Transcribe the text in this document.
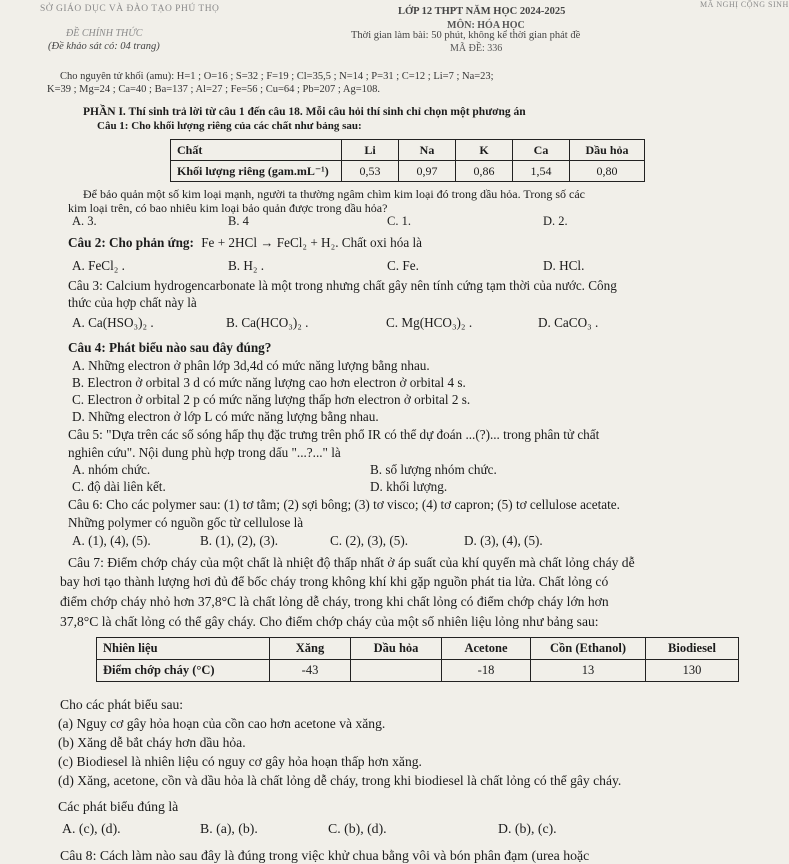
SỞ GIÁO DỤC VÀ ĐÀO TẠO PHÚ THỌ	MÃ NGHỊ CỘNG SINH
LỚP 12 THPT NĂM HỌC 2024-2025
MÔN: HÓA HỌC
ĐỀ CHÍNH THỨC
(Đề khảo sát có: 04 trang)
Thời gian làm bài: 50 phút, không kể thời gian phát đề
MÃ ĐỀ: 336
Cho nguyên tử khối (amu): H=1 ; O=16 ; S=32 ; F=19 ; Cl=35,5 ; N=14 ; P=31 ; C=12 ; Li=7 ; Na=23;
K=39 ; Mg=24 ; Ca=40 ; Ba=137 ; Al=27 ; Fe=56 ; Cu=64 ; Pb=207 ; Ag=108.
PHẦN I. Thí sinh trả lời từ câu 1 đến câu 18. Mỗi câu hỏi thí sinh chỉ chọn một phương án
Câu 1: Cho khối lượng riêng của các chất như bảng sau:
Chất	Li	Na	K	Ca	Dầu hỏa
Khối lượng riêng (gam.mL⁻¹)	0,53	0,97	0,86	1,54	0,80
Để bảo quản một số kim loại mạnh, người ta thường ngâm chìm kim loại đó trong dầu hỏa. Trong số các
kim loại trên, có bao nhiêu kim loại bảo quản được trong dầu hỏa?
A. 3.	B. 4	C. 1.	D. 2.
Câu 2: Cho phản ứng: Fe + 2HCl → FeCl₂ + H₂. Chất oxi hóa là
A. FeCl₂ .	B. H₂ .	C. Fe.	D. HCl.
Câu 3: Calcium hydrogencarbonate là một trong nhưng chất gây nên tính cứng tạm thời của nước. Công
thức của hợp chất này là
A. Ca(HSO₃)₂ .	B. Ca(HCO₃)₂ .	C. Mg(HCO₃)₂ .	D. CaCO₃ .
Câu 4: Phát biểu nào sau đây đúng?
A. Những electron ở phân lớp 3d,4d có mức năng lượng bằng nhau.
B. Electron ở orbital 3 d có mức năng lượng cao hơn electron ở orbital 4 s.
C. Electron ở orbital 2 p có mức năng lượng thấp hơn electron ở orbital 2 s.
D. Những electron ở lớp L có mức năng lượng bằng nhau.
Câu 5: "Dựa trên các số sóng hấp thụ đặc trưng trên phổ IR có thể dự đoán ...(?)... trong phân tử chất
nghiên cứu". Nội dung phù hợp trong dấu "...?..." là
A. nhóm chức.	B. số lượng nhóm chức.
C. độ dài liên kết.	D. khối lượng.
Câu 6: Cho các polymer sau: (1) tơ tằm; (2) sợi bông; (3) tơ visco; (4) tơ capron; (5) tơ cellulose acetate.
Những polymer có nguồn gốc từ cellulose là
A. (1), (4), (5).	B. (1), (2), (3).	C. (2), (3), (5).	D. (3), (4), (5).
Câu 7: Điểm chớp cháy của một chất là nhiệt độ thấp nhất ở áp suất của khí quyển mà chất lỏng cháy dễ
bay hơi tạo thành lượng hơi đủ để bốc cháy trong không khí khi gặp nguồn phát tia lửa. Chất lỏng có
điểm chớp cháy nhỏ hơn 37,8°C là chất lỏng dễ cháy, trong khi chất lỏng có điểm chớp cháy lớn hơn
37,8°C là chất lỏng có thể gây cháy. Cho điểm chớp cháy của một số nhiên liệu lỏng như bảng sau:
Nhiên liệu	Xăng	Dầu hỏa	Acetone	Cồn (Ethanol)	Biodiesel
Điểm chớp cháy (°C)	-43		-18	13	130
Cho các phát biểu sau:
(a) Nguy cơ gây hỏa hoạn của cồn cao hơn acetone và xăng.
(b) Xăng dễ bắt cháy hơn dầu hỏa.
(c) Biodiesel là nhiên liệu có nguy cơ gây hỏa hoạn thấp hơn xăng.
(d) Xăng, acetone, cồn và dầu hỏa là chất lỏng dễ cháy, trong khi biodiesel là chất lỏng có thể gây cháy.
Các phát biểu đúng là
A. (c), (d).	B. (a), (b).	C. (b), (d).	D. (b), (c).
Câu 8: Cách làm nào sau đây là đúng trong việc khử chua bằng vôi và bón phân đạm (urea hoặc
